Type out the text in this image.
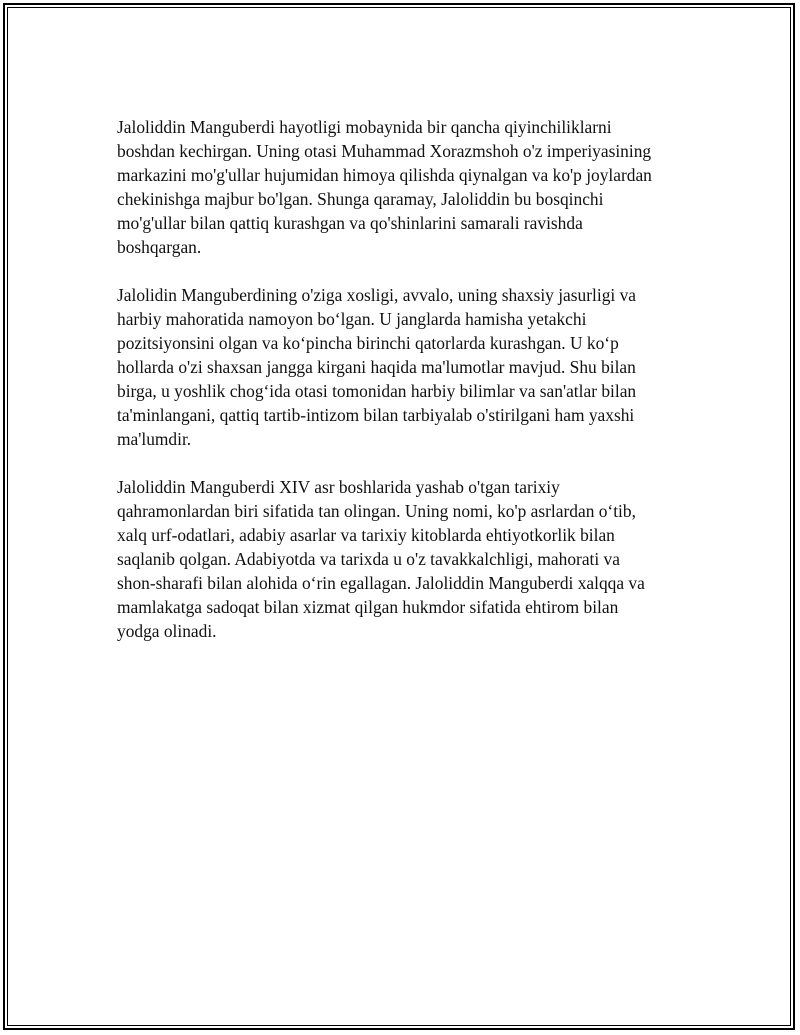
Jaloliddin Manguberdi hayotligi mobaynida bir qancha qiyinchiliklarni
boshdan kechirgan. Uning otasi Muhammad Xorazmshoh o'z imperiyasining
markazini mo'g'ullar hujumidan himoya qilishda qiynalgan va ko'p joylardan
chekinishga majbur bo'lgan. Shunga qaramay, Jaloliddin bu bosqinchi
mo'g'ullar bilan qattiq kurashgan va qo'shinlarini samarali ravishda
boshqargan.

Jalolidin Manguberdining o'ziga xosligi, avvalo, uning shaxsiy jasurligi va
harbiy mahoratida namoyon bo‘lgan. U janglarda hamisha yetakchi
pozitsiyonsini olgan va ko‘pincha birinchi qatorlarda kurashgan. U ko‘p
hollarda o'zi shaxsan jangga kirgani haqida ma'lumotlar mavjud. Shu bilan
birga, u yoshlik chog‘ida otasi tomonidan harbiy bilimlar va san'atlar bilan
ta'minlangani, qattiq tartib-intizom bilan tarbiyalab o'stirilgani ham yaxshi
ma'lumdir.

Jaloliddin Manguberdi XIV asr boshlarida yashab o'tgan tarixiy
qahramonlardan biri sifatida tan olingan. Uning nomi, ko'p asrlardan o‘tib,
xalq urf-odatlari, adabiy asarlar va tarixiy kitoblarda ehtiyotkorlik bilan
saqlanib qolgan. Adabiyotda va tarixda u o'z tavakkalchligi, mahorati va
shon-sharafi bilan alohida o‘rin egallagan. Jaloliddin Manguberdi xalqqa va
mamlakatga sadoqat bilan xizmat qilgan hukmdor sifatida ehtirom bilan
yodga olinadi.
